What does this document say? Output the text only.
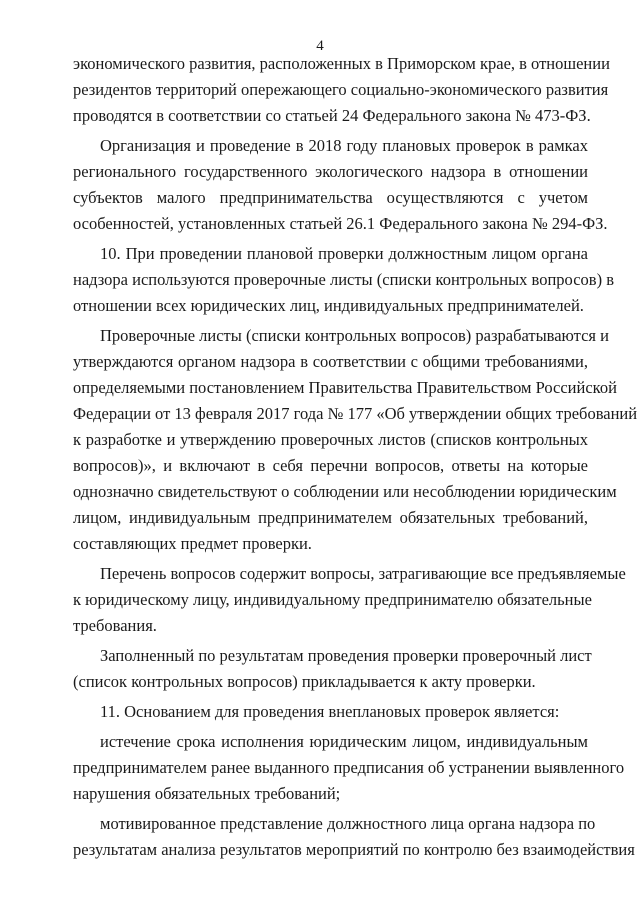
4
экономического развития, расположенных в Приморском крае, в отношении
резидентов территорий опережающего социально-экономического развития
проводятся в соответствии со статьей 24 Федерального закона № 473-ФЗ.
Организация и проведение в 2018 году плановых проверок в рамках
регионального государственного экологического надзора в отношении
субъектов малого предпринимательства осуществляются с учетом
особенностей, установленных статьей 26.1 Федерального закона № 294-ФЗ.
10. При проведении плановой проверки должностным лицом органа
надзора используются проверочные листы (списки контрольных вопросов) в
отношении всех юридических лиц, индивидуальных предпринимателей.
Проверочные листы (списки контрольных вопросов) разрабатываются и
утверждаются органом надзора в соответствии с общими требованиями,
определяемыми постановлением Правительства Правительством Российской
Федерации от 13 февраля 2017 года № 177 «Об утверждении общих требований
к разработке и утверждению проверочных листов (списков контрольных
вопросов)», и включают в себя перечни вопросов, ответы на которые
однозначно свидетельствуют о соблюдении или несоблюдении юридическим
лицом, индивидуальным предпринимателем обязательных требований,
составляющих предмет проверки.
Перечень вопросов содержит вопросы, затрагивающие все предъявляемые
к юридическому лицу, индивидуальному предпринимателю обязательные
требования.
Заполненный по результатам проведения проверки проверочный лист
(список контрольных вопросов) прикладывается к акту проверки.
11. Основанием для проведения внеплановых проверок является:
истечение срока исполнения юридическим лицом, индивидуальным
предпринимателем ранее выданного предписания об устранении выявленного
нарушения обязательных требований;
мотивированное представление должностного лица органа надзора по
результатам анализа результатов мероприятий по контролю без взаимодействия
